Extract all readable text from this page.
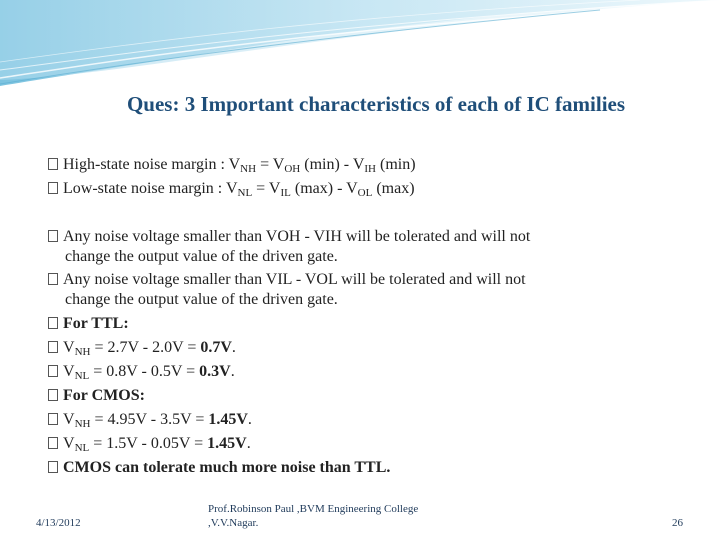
Ques: 3 Important characteristics of each of IC families
High-state noise margin : $V_{NH} = V_{OH}$ $(\min) - V_{IH}$ (min)
Low-state noise margin : $V_{NL} = V_{IL}$ $(\max) - V_{OL}$ (max)
Any noise voltage smaller than VOH - VIH will be tolerated and will not
change the output value of the driven gate.
Any noise voltage smaller than VIL - VOL will be tolerated and will not
change the output value of the driven gate.
For TTL:
$V_{NH} = 2.7V - 2.0V = 0.7V$.
$V_{NL} = 0.8V - 0.5V = 0.3V$.
For CMOS:
$V_{NH} = 4.95V - 3.5V = 1.45V$.
$V_{NL} = 1.5V - 0.05V = 1.45V$.
CMOS can tolerate much more noise than TTL.
4/13/2012
Prof.Robinson Paul ,BVM Engineering College
,V.V.Nagar.	26
